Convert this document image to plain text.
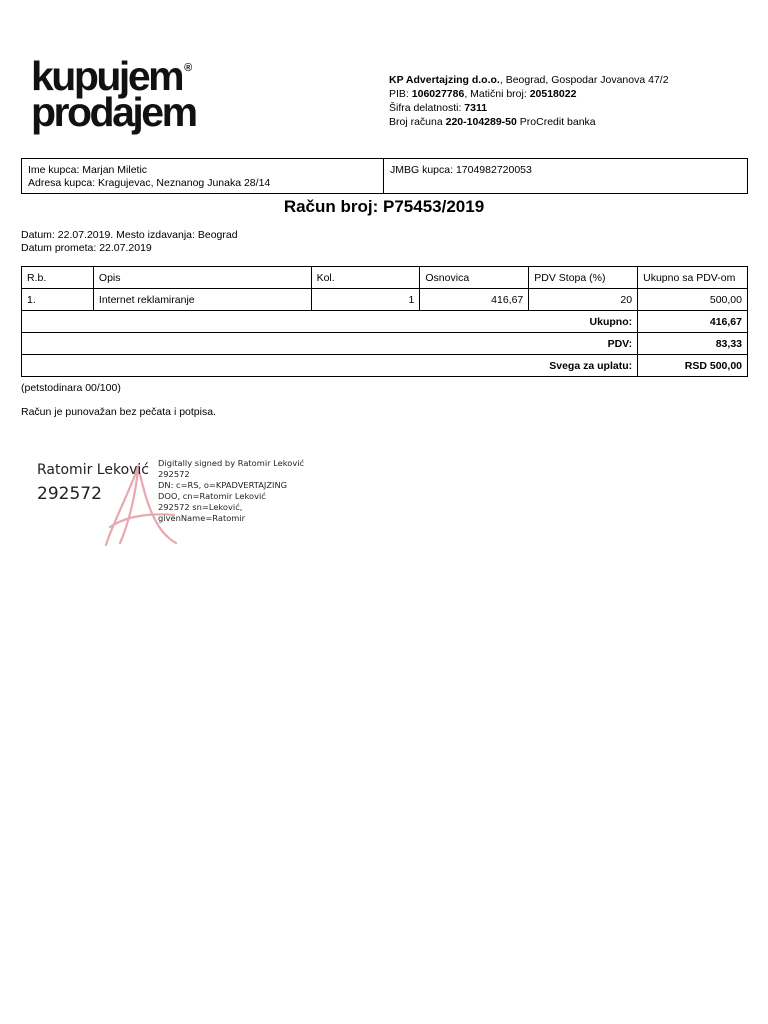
kupujem ®
prodajem
KP Advertajzing d.o.o., Beograd, Gospodar Jovanova 47/2
PIB: 106027786, Matični broj: 20518022
Šifra delatnosti: 7311
Broj računa 220-104289-50 ProCredit banka
Ime kupca: Marjan Miletic
Adresa kupca: Kragujevac, Neznanog Junaka 28/14
JMBG kupca: 1704982720053
Račun broj: P75453/2019
Datum: 22.07.2019. Mesto izdavanja: Beograd
Datum prometa: 22.07.2019
R.b.	Opis	Kol.	Osnovica	PDV Stopa (%)	Ukupno sa PDV-om
1.	Internet reklamiranje	1	416,67	20	500,00
Ukupno:					416,67
PDV:					83,33
Svega za uplatu:					RSD 500,00
(petstodinara 00/100)
Račun je punovažan bez pečata i potpisa.
Ratomir Leković
292572
Digitally signed by Ratomir Leković
292572
DN: c=RS, o=KPADVERTAJZING
DOO, cn=Ratomir Leković
292572 sn=Leković,
givenName=Ratomir
